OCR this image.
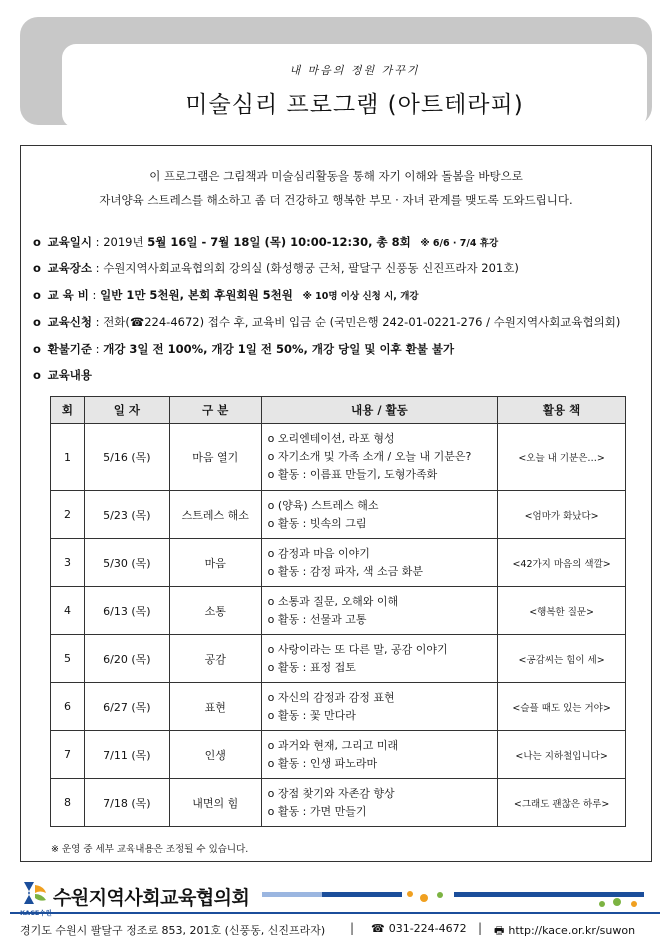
내 마음의 정원 가꾸기
미술심리 프로그램 (아트테라피)
이 프로그램은 그림책과 미술심리활동을 통해 자기 이해와 돌봄을 바탕으로
자녀양육 스트레스를 해소하고 좀 더 건강하고 행복한 부모 · 자녀 관계를 맺도록 도와드립니다.
o 교육일시 : 2019년 5월 16일 - 7월 18일 (목) 10:00-12:30, 총 8회 ※ 6/6 · 7/4 휴강
o 교육장소 : 수원지역사회교육협의회 강의실 (화성행궁 근처, 팔달구 신풍동 신진프라자 201호)
o 교 육 비 : 일반 1만 5천원, 본회 후원회원 5천원 ※ 10명 이상 신청 시, 개강
o 교육신청 : 전화(☎224-4672) 접수 후, 교육비 입금 순 (국민은행 242-01-0221-276 / 수원지역사회교육협의회)
o 환불기준 : 개강 3일 전 100%, 개강 1일 전 50%, 개강 당일 및 이후 환불 불가
o 교육내용
회	일 자	구 분	내용 / 활동	활용 책
1	5/16 (목)	마음 열기	o 오리엔테이션, 라포 형성
o 자기소개 및 가족 소개 / 오늘 내 기분은?
o 활동 : 이름표 만들기, 도형가족화	<오늘 내 기분은…>
2	5/23 (목)	스트레스 해소	o (양육) 스트레스 해소
o 활동 : 빗속의 그림	<엄마가 화났다>
3	5/30 (목)	마음	o 감정과 마음 이야기
o 활동 : 감정 파자, 색 소금 화분	<42가지 마음의 색깔>
4	6/13 (목)	소통	o 소통과 질문, 오해와 이해
o 활동 : 선물과 고통	<행복한 질문>
5	6/20 (목)	공감	o 사랑이라는 또 다른 말, 공감 이야기
o 활동 : 표정 접토	<공감씨는 힘이 세>
6	6/27 (목)	표현	o 자신의 감정과 감정 표현
o 활동 : 꽃 만다라	<슬플 때도 있는 거야>
7	7/11 (목)	인생	o 과거와 현재, 그리고 미래
o 활동 : 인생 파노라마	<나는 지하철입니다>
8	7/18 (목)	내면의 힘	o 장점 찾기와 자존감 향상
o 활동 : 가면 만들기	<그래도 괜찮은 하루>
※ 운영 중 세부 교육내용은 조정될 수 있습니다.
수원지역사회교육협의회
경기도 수원시 팔달구 정조로 853, 201호 (신풍동, 신진프라자) | ☎ 031-224-4672 | 🖶 http://kace.or.kr/suwon
